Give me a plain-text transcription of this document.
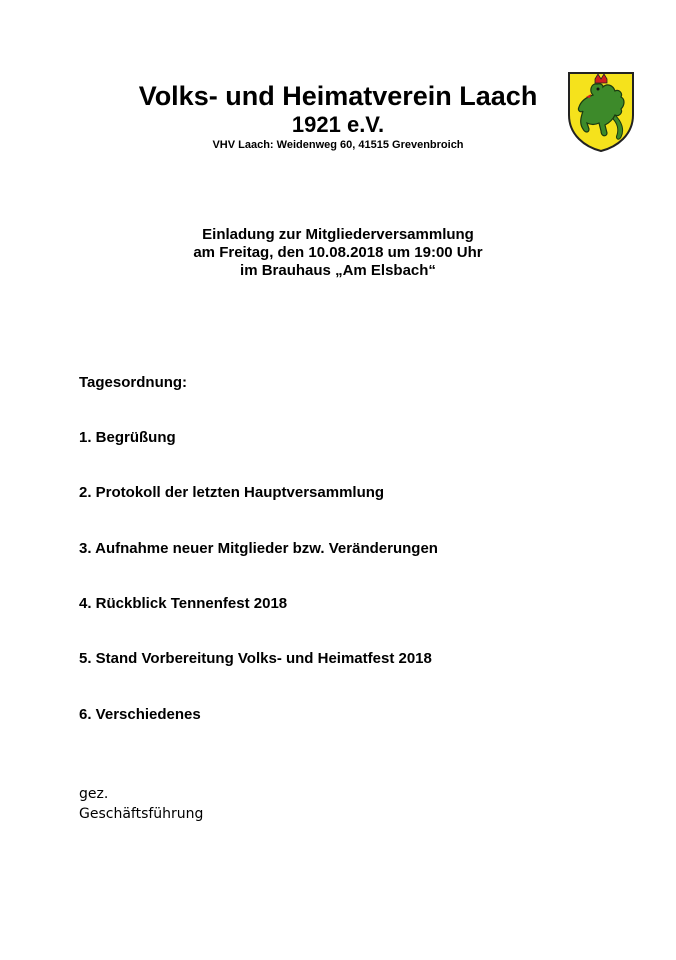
Volks- und Heimatverein Laach
1921 e.V.
VHV Laach: Weidenweg 60, 41515 Grevenbroich
Einladung zur Mitgliederversammlung
am Freitag, den 10.08.2018 um 19:00 Uhr
im Brauhaus „Am Elsbach“
Tagesordnung:
1. Begrüßung
2. Protokoll der letzten Hauptversammlung
3. Aufnahme neuer Mitglieder bzw. Veränderungen
4. Rückblick Tennenfest 2018
5. Stand Vorbereitung Volks- und Heimatfest 2018
6. Verschiedenes
gez.
Geschäftsführung
